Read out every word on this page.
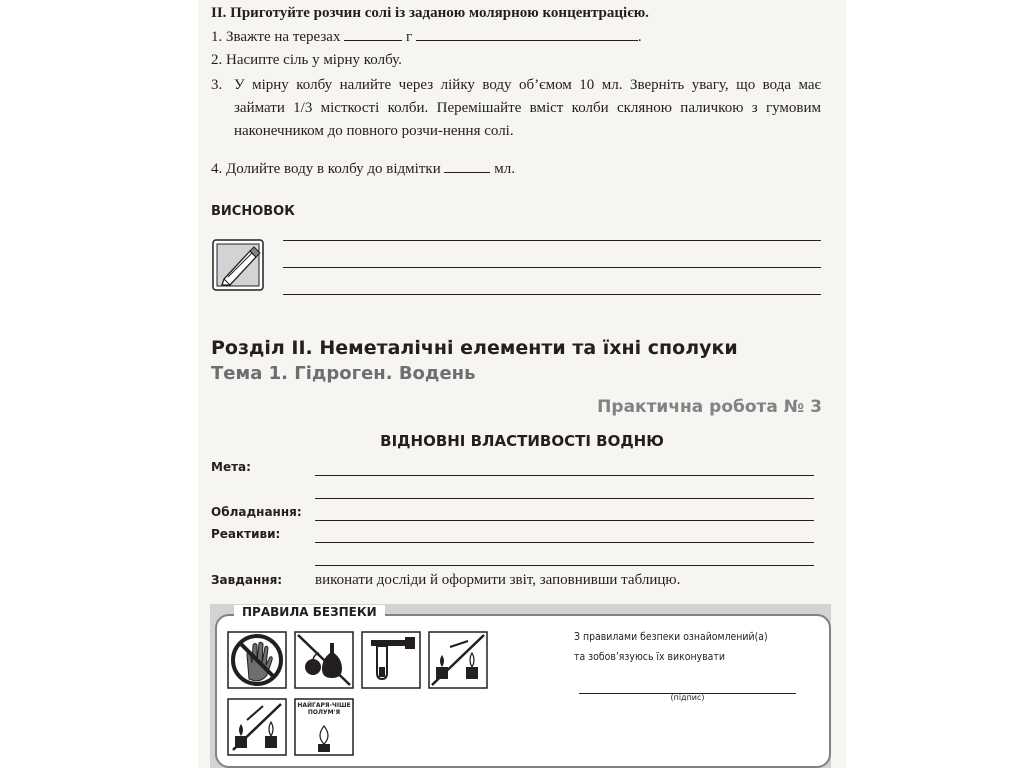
ІІ. Приготуйте розчин солі із заданою молярною концентрацією.
1. Зважте на терезах	г	.
2. Насипте сіль у мірну колбу.
3. У мірну колбу налийте через лійку воду об’ємом 10 мл. Зверніть увагу, що вода має займати 1/3 місткості колби. Перемішайте вміст колби скляною паличкою з гумовим наконечником до повного розчи-нення солі.
4. Долийте воду в колбу до відмітки	мл.
ВИСНОВОК
Розділ ІІ. Неметалічні елементи та їхні сполуки
Тема 1. Гідроген. Водень
Практична робота № 3
ВІДНОВНІ ВЛАСТИВОСТІ ВОДНЮ
Мета:
Обладнання:
Реактиви:
Завдання: виконати досліди й оформити звіт, заповнивши таблицю.
ПРАВИЛА БЕЗПЕКИ
НАЙГАРЯ-ЧІШЕ ПОЛУМ'Я
З правилами безпеки ознайомлений(а)
та зобов’язуюсь їх виконувати
(підпис)
